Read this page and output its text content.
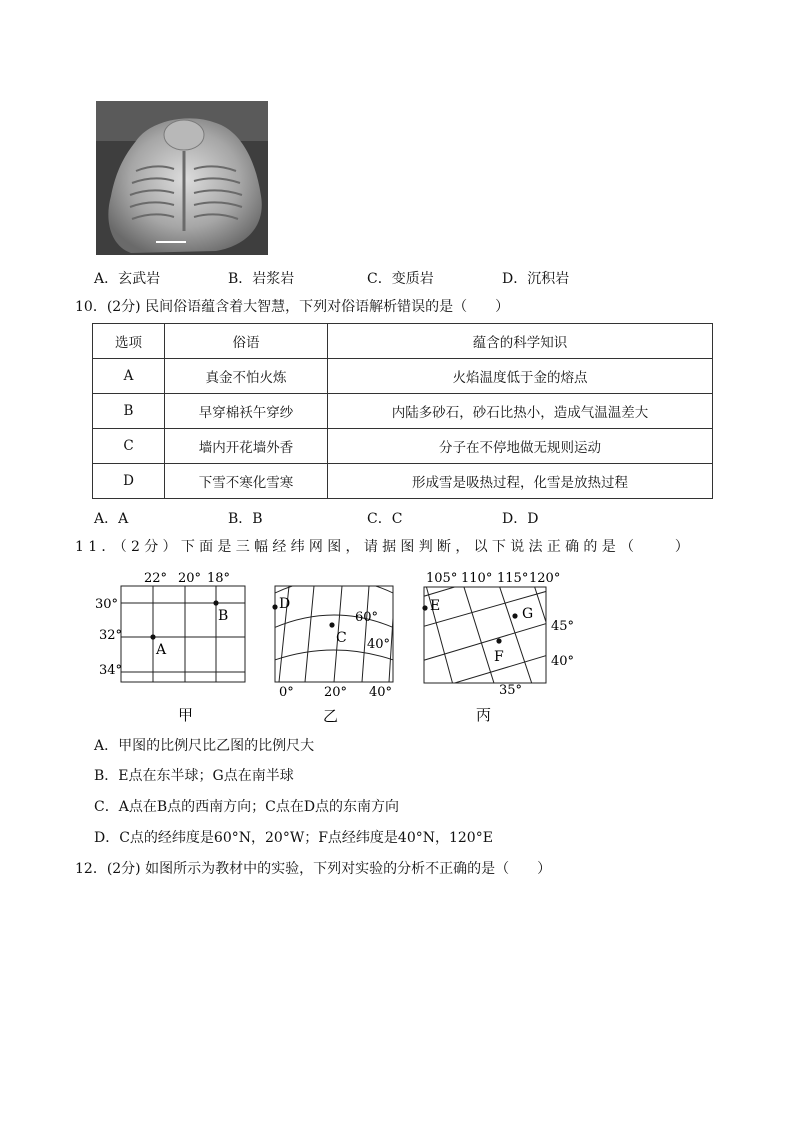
A．玄武岩	B．岩浆岩	C．变质岩	D．沉积岩
10．(2分) 民间俗语蕴含着大智慧，下列对俗语解析错误的是（　　）
选项	俗语	蕴含的科学知识
A	真金不怕火炼	火焰温度低于金的熔点
B	早穿棉袄午穿纱	内陆多砂石，砂石比热小，造成气温温差大
C	墙内开花墙外香	分子在不停地做无规则运动
D	下雪不寒化雪寒	形成雪是吸热过程，化雪是放热过程
A．A	B．B	C．C	D．D
11．（2分）下面是三幅经纬网图，请据图判断，以下说法正确的是（　　）
22° 20° 18°
30°
32°
34°
A
B
甲
D
C
60°
40°
0° 20° 40°
乙
105° 110° 115° 120°
E	G
F
45°
40°
35°
丙
A．甲图的比例尺比乙图的比例尺大
B．E点在东半球；G点在南半球
C．A点在B点的西南方向；C点在D点的东南方向
D．C点的经纬度是60°N，20°W；F点经纬度是40°N，120°E
12．(2分) 如图所示为教材中的实验，下列对实验的分析不正确的是（　　）
